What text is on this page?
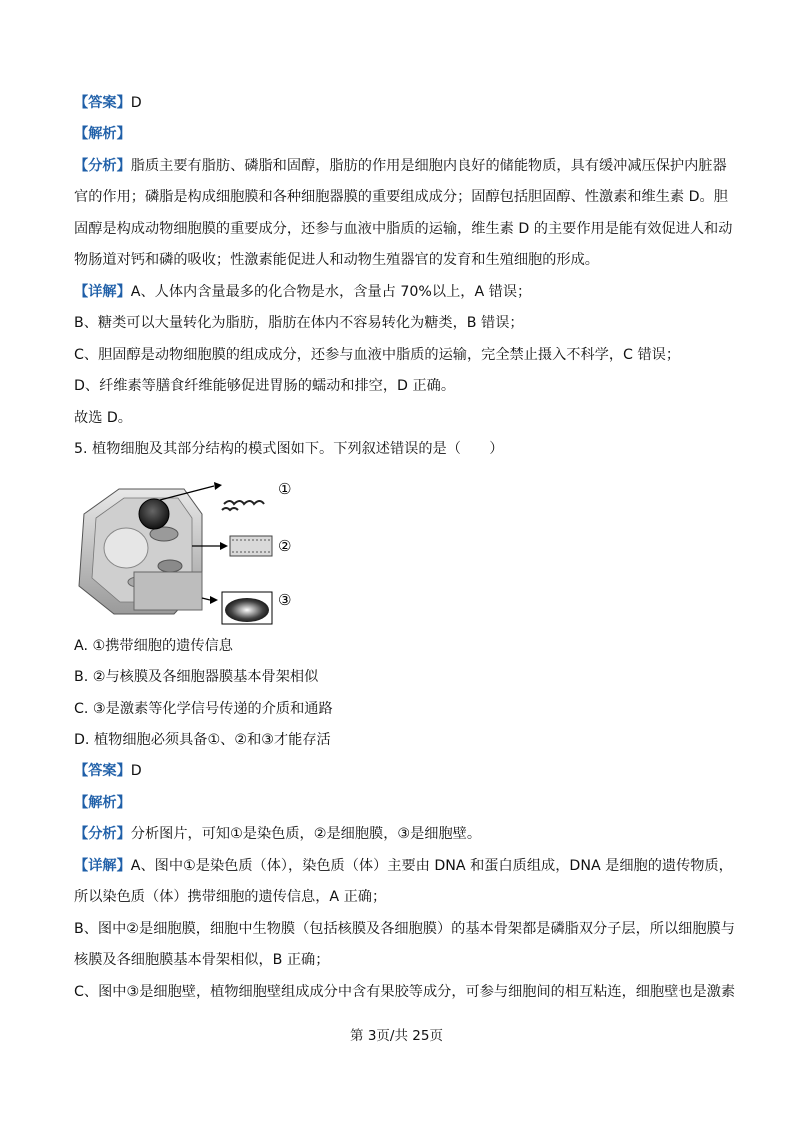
【答案】D
【解析】
【分析】脂质主要有脂肪、磷脂和固醇，脂肪的作用是细胞内良好的储能物质，具有缓冲减压保护内脏器
官的作用；磷脂是构成细胞膜和各种细胞器膜的重要组成成分；固醇包括胆固醇、性激素和维生素 D。胆
固醇是构成动物细胞膜的重要成分，还参与血液中脂质的运输，维生素 D 的主要作用是能有效促进人和动
物肠道对钙和磷的吸收；性激素能促进人和动物生殖器官的发育和生殖细胞的形成。
【详解】A、人体内含量最多的化合物是水，含量占 70%以上，A 错误；
B、糖类可以大量转化为脂肪，脂肪在体内不容易转化为糖类，B 错误；
C、胆固醇是动物细胞膜的组成成分，还参与血液中脂质的运输，完全禁止摄入不科学，C 错误；
D、纤维素等膳食纤维能够促进胃肠的蠕动和排空，D 正确。
故选 D。
5. 植物细胞及其部分结构的模式图如下。下列叙述错误的是（　　）
①
②
③
A. ①携带细胞的遗传信息
B. ②与核膜及各细胞器膜基本骨架相似
C. ③是激素等化学信号传递的介质和通路
D. 植物细胞必须具备①、②和③才能存活
【答案】D
【解析】
【分析】分析图片，可知①是染色质，②是细胞膜，③是细胞壁。
【详解】A、图中①是染色质（体），染色质（体）主要由 DNA 和蛋白质组成，DNA 是细胞的遗传物质，
所以染色质（体）携带细胞的遗传信息，A 正确；
B、图中②是细胞膜，细胞中生物膜（包括核膜及各细胞膜）的基本骨架都是磷脂双分子层，所以细胞膜与
核膜及各细胞膜基本骨架相似，B 正确；
C、图中③是细胞壁，植物细胞壁组成成分中含有果胶等成分，可参与细胞间的相互粘连，细胞壁也是激素
第 3页/共 25页
